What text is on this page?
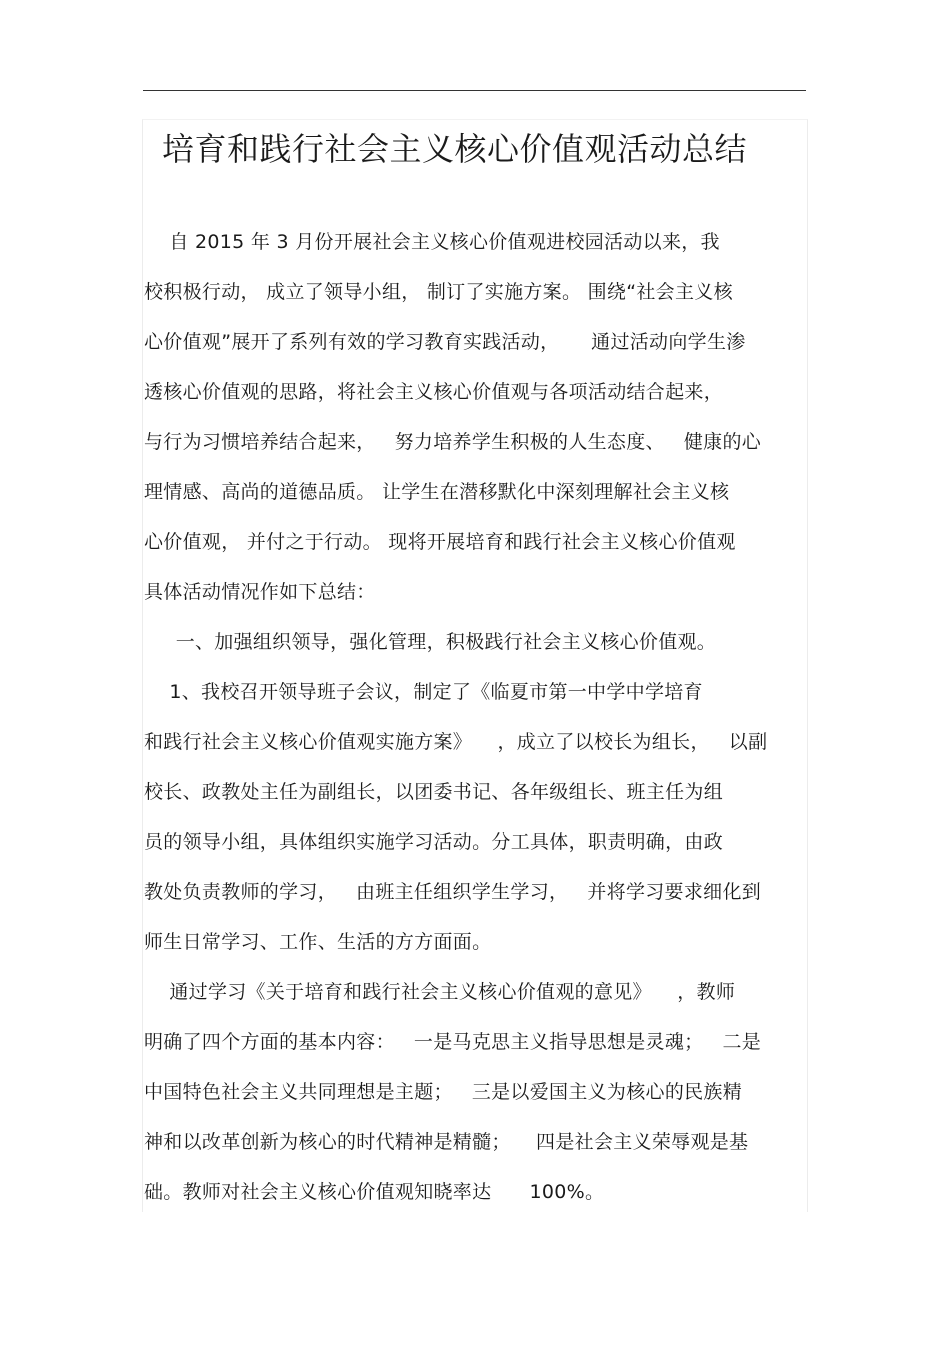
培育和践行社会主义核心价值观活动总结

自 2015 年 3 月份开展社会主义核心价值观进校园活动以来，我

校积极行动， 成立了领导小组， 制订了实施方案。 围绕“社会主义核

心价值观”展开了系列有效的学习教育实践活动，     通过活动向学生渗

透核心价值观的思路，将社会主义核心价值观与各项活动结合起来，

与行为习惯培养结合起来，   努力培养学生积极的人生态度、   健康的心

理情感、高尚的道德品质。 让学生在潜移默化中深刻理解社会主义核

心价值观， 并付之于行动。 现将开展培育和践行社会主义核心价值观

具体活动情况作如下总结：

一、加强组织领导，强化管理，积极践行社会主义核心价值观。

1、我校召开领导班子会议，制定了《临夏市第一中学中学培育

和践行社会主义核心价值观实施方案》    ，成立了以校长为组长，   以副

校长、政教处主任为副组长，以团委书记、各年级组长、班主任为组

员的领导小组，具体组织实施学习活动。分工具体，职责明确，由政

教处负责教师的学习，   由班主任组织学生学习，   并将学习要求细化到

师生日常学习、工作、生活的方方面面。

通过学习《关于培育和践行社会主义核心价值观的意见》    ，教师

明确了四个方面的基本内容：   一是马克思主义指导思想是灵魂；   二是

中国特色社会主义共同理想是主题；   三是以爱国主义为核心的民族精

神和以改革创新为核心的时代精神是精髓；    四是社会主义荣辱观是基

础。教师对社会主义核心价值观知晓率达      100%。
